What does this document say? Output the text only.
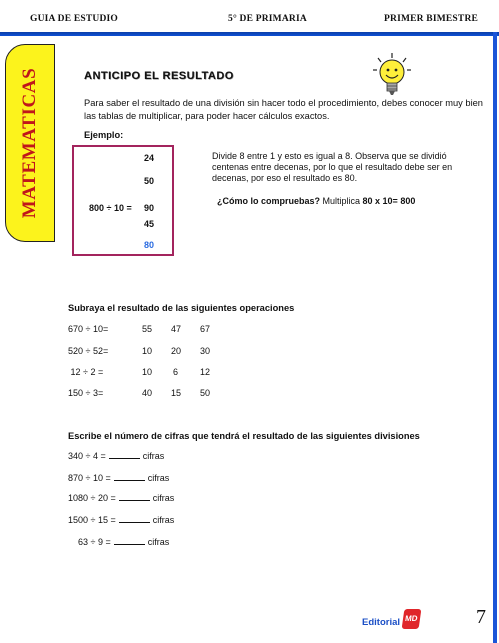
GUIA DE ESTUDIO	5° DE PRIMARIA	PRIMER BIMESTRE
MATEMATICAS	ANTICIPO EL RESULTADO
Para saber el resultado de una división sin hacer todo el procedimiento, debes conocer muy bien las tablas de multiplicar, para poder hacer cálculos exactos.
Ejemplo:
24
50
800 ÷ 10 = 90
45
80
Divide 8 entre 1 y esto es igual a 8. Observa que se dividió centenas entre decenas, por lo que el resultado debe ser en decenas, por eso el resultado es 80.
¿Cómo lo compruebas? Multiplica 80 x 10= 800
Subraya el resultado de las siguientes operaciones
670 ÷ 10=	55 47 67
520 ÷ 52=	10 20 30
12 ÷ 2 =	10 6 12
150 ÷ 3=	40 15 50
Escribe el número de cifras que tendrá el resultado de las siguientes divisiones
340 ÷ 4 =	cifras
870 ÷ 10 =	cifras
1080 ÷ 20 =	cifras
1500 ÷ 15 =	cifras
63 ÷ 9 =	cifras
Editorial MD	7
